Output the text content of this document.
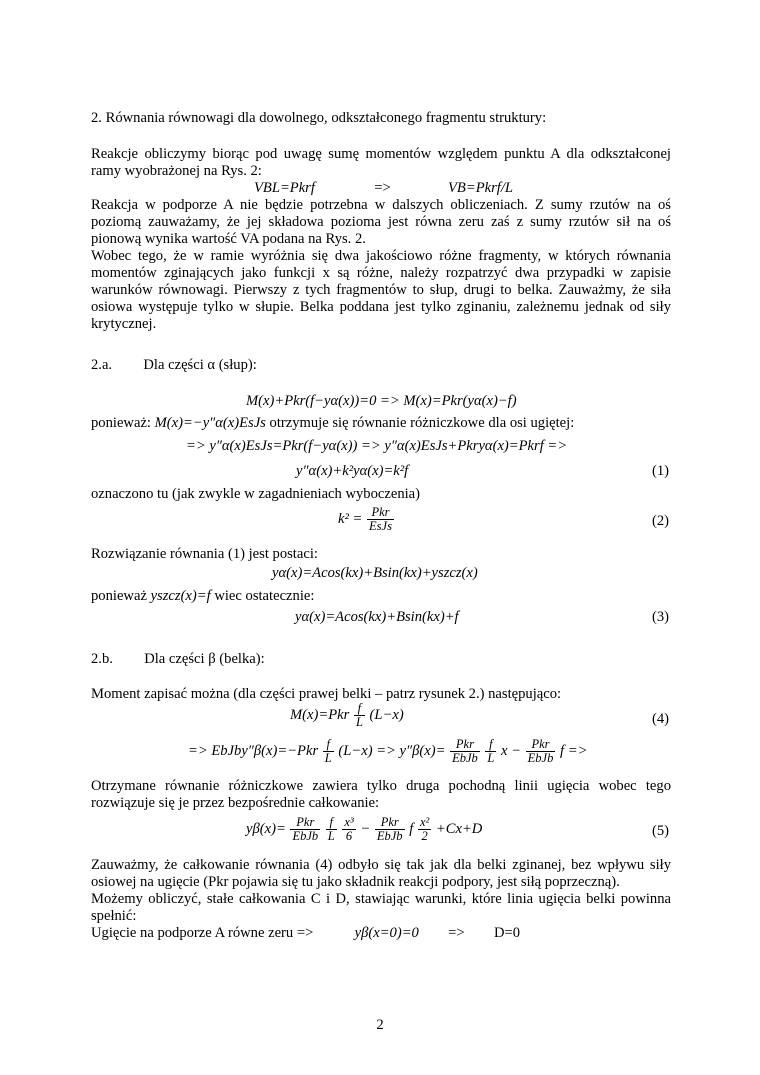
2. Równania równowagi dla dowolnego, odkształconego fragmentu struktury:
Reakcje obliczymy biorąc pod uwagę sumę momentów względem punktu A dla odkształconej ramy wyobrażonej na Rys. 2:
VBL=Pkrf	=>	VB=Pkrf/L
Reakcja w podporze A nie będzie potrzebna w dalszych obliczeniach. Z sumy rzutów na oś poziomą zauważamy, że jej składowa pozioma jest równa zeru zaś z sumy rzutów sił na oś pionową wynika wartość VA podana na Rys. 2.
Wobec tego, że w ramie wyróżnia się dwa jakościowo różne fragmenty, w których równania momentów zginających jako funkcji x są różne, należy rozpatrzyć dwa przypadki w zapisie warunków równowagi. Pierwszy z tych fragmentów to słup, drugi to belka. Zauważmy, że siła osiowa występuje tylko w słupie. Belka poddana jest tylko zginaniu, zależnemu jednak od siły krytycznej.
2.a. Dla części α (słup):
M(x)+Pkr(f−yα(x))=0 => M(x)=Pkr(yα(x)−f)
ponieważ: M(x)=−y″α(x)EsJs otrzymuje się równanie różniczkowe dla osi ugiętej:
=> y″α(x)EsJs=Pkr(f−yα(x)) => y″α(x)EsJs+Pkryα(x)=Pkrf =>
y″α(x)+k²yα(x)=k²f	(1)
oznaczono tu (jak zwykle w zagadnieniach wyboczenia)
$k^2 = \frac{\text{Pkr}}{\text{EsJs}}$	(2)
Rozwiązanie równania (1) jest postaci:
yα(x)=Acos(kx)+Bsin(kx)+yszcz(x)
ponieważ yszcz(x)=f wiec ostatecznie:
yα(x)=Acos(kx)+Bsin(kx)+f	(3)
2.b. Dla części β (belka):
Moment zapisać można (dla części prawej belki – patrz rysunek 2.) następująco:
$M(x)=Pkr \frac{f}{L} (L-x)$	(4)
=> EbJby″β(x)=−Pkr $\frac{f}{L} (L-x) => y''\beta(x)= \frac{\text{Pkr}}{\text{EbJb}}$
$\frac{f}{L}$ $x - \frac{\text{Pkr}}{\text{EbJb}}$ f =>
Otrzymane równanie różniczkowe zawiera tylko druga pochodną linii ugięcia wobec tego rozwiązuje się je przez bezpośrednie całkowanie:
$y\beta(x)= \frac{\text{Pkr}}{\text{EbJb}}$
$\frac{f}{L}$
$\frac{\text{x³}}{6} - \frac{\text{Pkr}}{\text{EbJb}}$ f $\frac{\text{x²}}{2} +Cx+D$	(5)
Zauważmy, że całkowanie równania (4) odbyło się tak jak dla belki zginanej, bez wpływu siły osiowej na ugięcie (Pkr pojawia się tu jako składnik reakcji podpory, jest siłą poprzeczną).
Możemy obliczyć, stałe całkowania C i D, stawiając warunki, które linia ugięcia belki powinna spełnić:
Ugięcie na podporze A równe zeru =>	yβ(x=0)=0 => D=0
2
